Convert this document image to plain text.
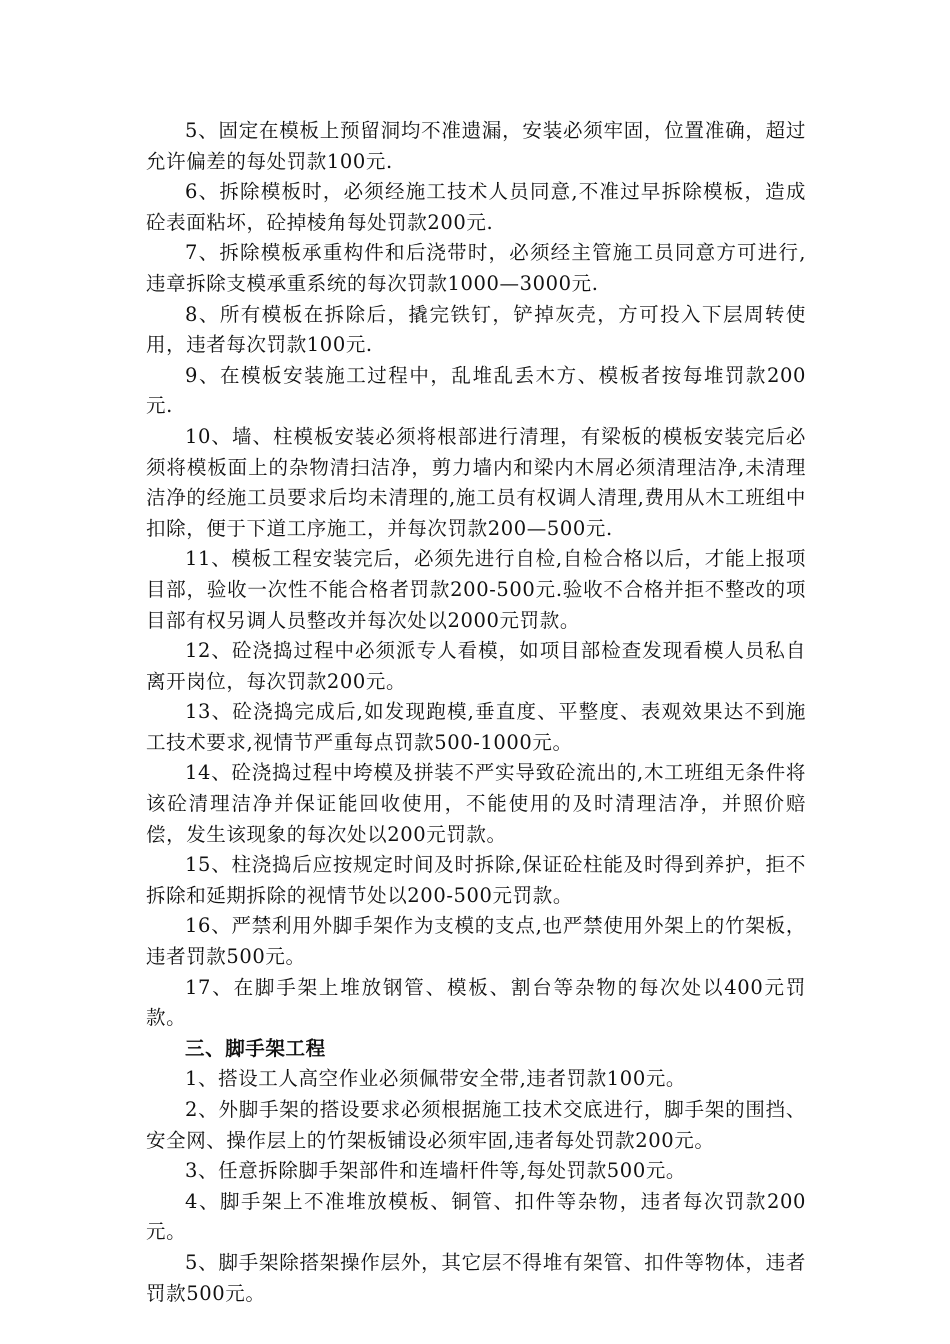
5、固定在模板上预留洞均不准遗漏，安装必须牢固，位置准确，超过允许偏差的每处罚款100元.

6、拆除模板时，必须经施工技术人员同意,不准过早拆除模板，造成砼表面粘坏，砼掉棱角每处罚款200元.

7、拆除模板承重构件和后浇带时，必须经主管施工员同意方可进行,违章拆除支模承重系统的每次罚款1000—3000元.

8、所有模板在拆除后，撬完铁钉，铲掉灰壳，方可投入下层周转使用，违者每次罚款100元.

9、在模板安装施工过程中，乱堆乱丢木方、模板者按每堆罚款200元.

10、墙、柱模板安装必须将根部进行清理，有梁板的模板安装完后必须将模板面上的杂物清扫洁净，剪力墙内和梁内木屑必须清理洁净,未清理洁净的经施工员要求后均未清理的,施工员有权调人清理,费用从木工班组中扣除，便于下道工序施工，并每次罚款200—500元.

11、模板工程安装完后，必须先进行自检,自检合格以后，才能上报项目部，验收一次性不能合格者罚款200-500元.验收不合格并拒不整改的项目部有权另调人员整改并每次处以2000元罚款。

12、砼浇捣过程中必须派专人看模，如项目部检查发现看模人员私自离开岗位，每次罚款200元。

13、砼浇捣完成后,如发现跑模,垂直度、平整度、表观效果达不到施工技术要求,视情节严重每点罚款500-1000元。

14、砼浇捣过程中垮模及拼装不严实导致砼流出的,木工班组无条件将该砼清理洁净并保证能回收使用，不能使用的及时清理洁净，并照价赔偿，发生该现象的每次处以200元罚款。

15、柱浇捣后应按规定时间及时拆除,保证砼柱能及时得到养护，拒不拆除和延期拆除的视情节处以200-500元罚款。

16、严禁利用外脚手架作为支模的支点,也严禁使用外架上的竹架板，违者罚款500元。

17、在脚手架上堆放钢管、模板、割台等杂物的每次处以400元罚款。

三、脚手架工程

1、搭设工人高空作业必须佩带安全带,违者罚款100元。

2、外脚手架的搭设要求必须根据施工技术交底进行，脚手架的围挡、安全网、操作层上的竹架板铺设必须牢固,违者每处罚款200元。

3、任意拆除脚手架部件和连墙杆件等,每处罚款500元。

4、脚手架上不准堆放模板、铜管、扣件等杂物，违者每次罚款200元。

5、脚手架除搭架操作层外，其它层不得堆有架管、扣件等物体，违者罚款500元。
